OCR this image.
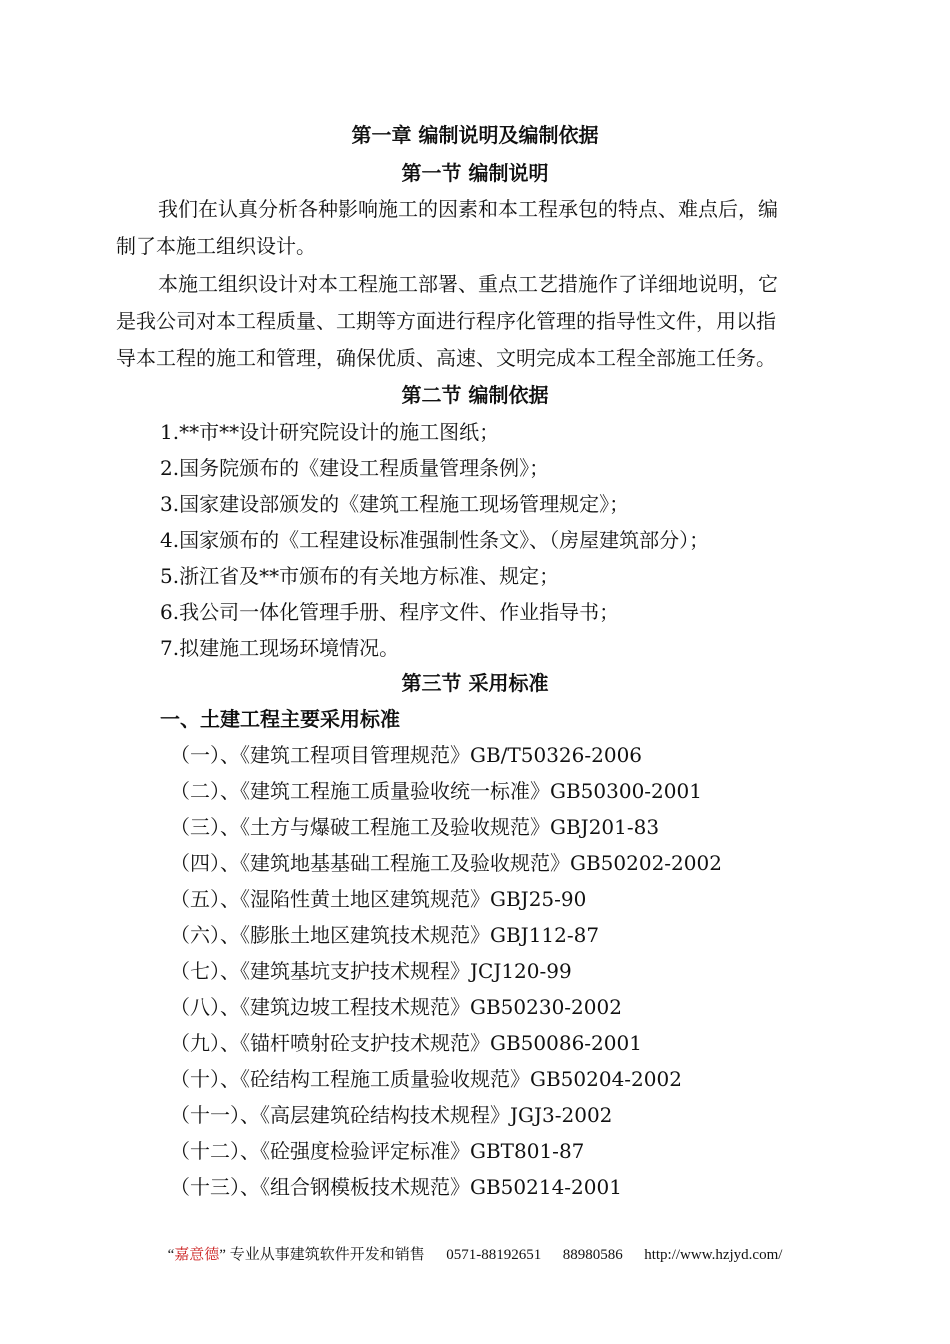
第一章 编制说明及编制依据
第一节 编制说明
我们在认真分析各种影响施工的因素和本工程承包的特点、难点后，编
制了本施工组织设计。
本施工组织设计对本工程施工部署、重点工艺措施作了详细地说明，它
是我公司对本工程质量、工期等方面进行程序化管理的指导性文件，用以指
导本工程的施工和管理，确保优质、高速、文明完成本工程全部施工任务。
第二节 编制依据
1.**市**设计研究院设计的施工图纸；
2.国务院颁布的《建设工程质量管理条例》；
3.国家建设部颁发的《建筑工程施工现场管理规定》；
4.国家颁布的《工程建设标准强制性条文》、（房屋建筑部分）；
5.浙江省及**市颁布的有关地方标准、规定；
6.我公司一体化管理手册、程序文件、作业指导书；
7.拟建施工现场环境情况。
第三节 采用标准
一、土建工程主要采用标准
（一）、《建筑工程项目管理规范》GB/T50326-2006
（二）、《建筑工程施工质量验收统一标准》GB50300-2001
（三）、《土方与爆破工程施工及验收规范》GBJ201-83
（四）、《建筑地基基础工程施工及验收规范》GB50202-2002
（五）、《湿陷性黄土地区建筑规范》GBJ25-90
（六）、《膨胀土地区建筑技术规范》GBJ112-87
（七）、《建筑基坑支护技术规程》JCJ120-99
（八）、《建筑边坡工程技术规范》GB50230-2002
（九）、《锚杆喷射砼支护技术规范》GB50086-2001
（十）、《砼结构工程施工质量验收规范》GB50204-2002
（十一）、《高层建筑砼结构技术规程》JGJ3-2002
（十二）、《砼强度检验评定标准》GBT801-87
（十三）、《组合钢模板技术规范》GB50214-2001
“嘉意德” 专业从事建筑软件开发和销售 0571-88192651 88980586 http://www.hzjyd.com/
